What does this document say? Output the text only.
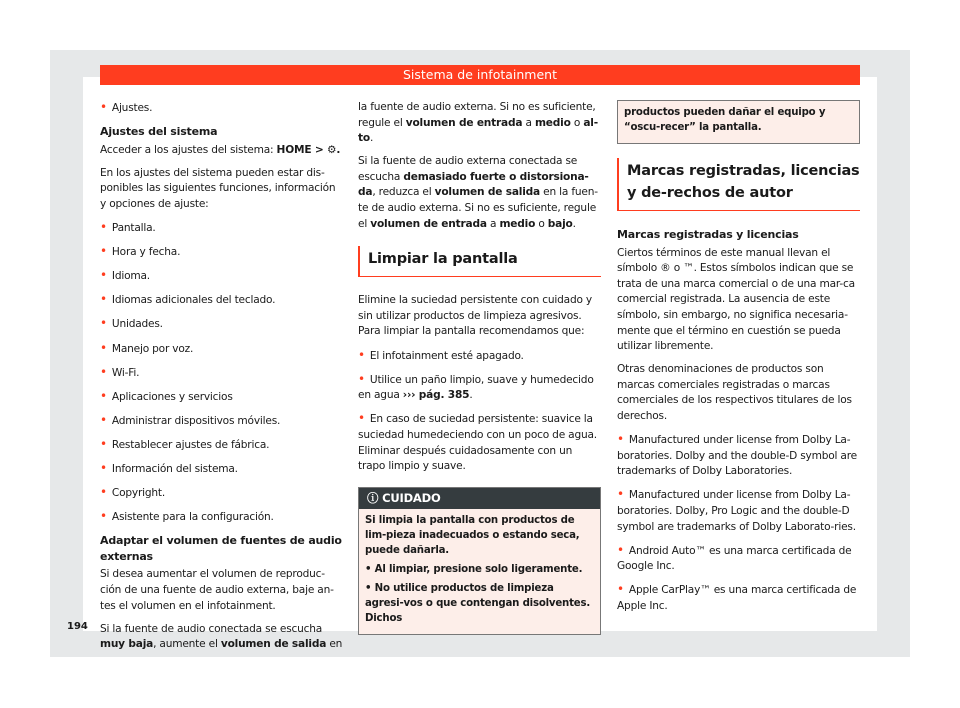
Sistema de infotainment

• Ajustes.

Ajustes del sistema

Acceder a los ajustes del sistema: HOME > ⚙.

En los ajustes del sistema pueden estar dis-ponibles las siguientes funciones, información y opciones de ajuste:

• Pantalla.

• Hora y fecha.

• Idioma.

• Idiomas adicionales del teclado.

• Unidades.

• Manejo por voz.

• Wi-Fi.

• Aplicaciones y servicios

• Administrar dispositivos móviles.

• Restablecer ajustes de fábrica.

• Información del sistema.

• Copyright.

• Asistente para la configuración.

Adaptar el volumen de fuentes de audio externas

Si desea aumentar el volumen de reproduc-ción de una fuente de audio externa, baje an-tes el volumen en el infotainment.

Si la fuente de audio conectada se escucha muy baja, aumente el volumen de salida en

la fuente de audio externa. Si no es suficiente, regule el volumen de entrada a medio o al-to.

Si la fuente de audio externa conectada se escucha demasiado fuerte o distorsiona-da, reduzca el volumen de salida en la fuen-te de audio externa. Si no es suficiente, regule el volumen de entrada a medio o bajo.

Limpiar la pantalla

Elimine la suciedad persistente con cuidado y sin utilizar productos de limpieza agresivos. Para limpiar la pantalla recomendamos que:

• El infotainment esté apagado.

• Utilice un paño limpio, suave y humedecido en agua ››› pág. 385.

• En caso de suciedad persistente: suavice la suciedad humedeciendo con un poco de agua. Eliminar después cuidadosamente con un trapo limpio y suave.

ⓘ CUIDADO

Si limpia la pantalla con productos de lim-pieza inadecuados o estando seca, puede dañarla.

• Al limpiar, presione solo ligeramente.

• No utilice productos de limpieza agresi-vos o que contengan disolventes. Dichos

productos pueden dañar el equipo y “oscu-recer” la pantalla.

Marcas registradas, licencias y de-rechos de autor
Marcas registradas y licencias

Ciertos términos de este manual llevan el símbolo ® o ™. Estos símbolos indican que se trata de una marca comercial o de una mar-ca comercial registrada. La ausencia de este símbolo, sin embargo, no significa necesaria-mente que el término en cuestión se pueda utilizar libremente.

Otras denominaciones de productos son marcas comerciales registradas o marcas comerciales de los respectivos titulares de los derechos.

• Manufactured under license from Dolby La-boratories. Dolby and the double-D symbol are trademarks of Dolby Laboratories.

• Manufactured under license from Dolby La-boratories. Dolby, Pro Logic and the double-D symbol are trademarks of Dolby Laborato-ries.

• Android Auto™ es una marca certificada de Google Inc.

• Apple CarPlay™ es una marca certificada de Apple Inc.

194
